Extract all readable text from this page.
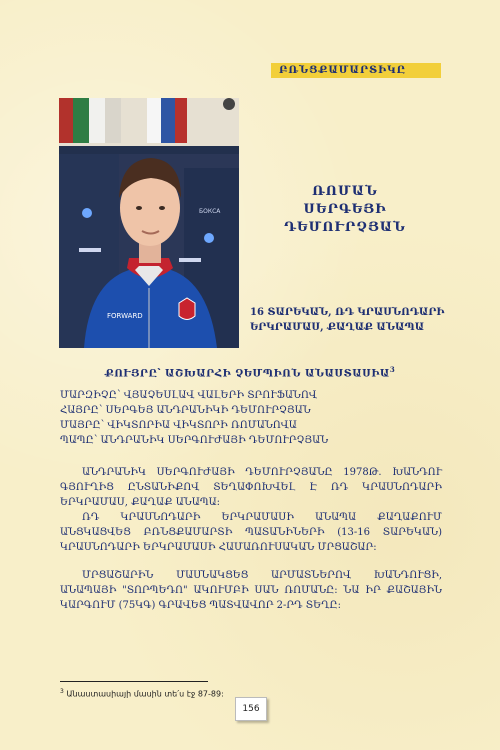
ԲՌՆՑՔԱՄԱՐՏԻԿԸ
БОКСА
FORWARD
ՌՈՄԱՆ ՍԵՐԳԵՅԻ
ԴԵՄՈՒՐՉՅԱՆ
16 ՏԱՐԵԿԱՆ, ՌԴ ԿՐԱՍՆՈԴԱՐԻ
ԵՐԿՐԱՄԱՍ, ՔԱՂԱՔ ԱՆԱՊԱ
ՔՈՒՅՐԸ՝ ԱՇԽԱՐՀԻ ՉԵՄՊԻՈՆ ԱՆԱՍՏԱՍԻԱ$^3$
ՄԱՐԶԻՉԸ՝ ՎՅԱՉԵՍԼԱՎ ՎԱԼԵՐԻ ՏՐՈՒՖԱՆՈՎ
ՀԱՅՐԸ՝ ՍԵՐԳԵՅ ԱՆԴՐԱՆԻԿԻ ԴԵՄՈՒՐՉՅԱՆ
ՄԱՅՐԸ՝ ՎԻԿՏՈՐԻԱ ՎԻԿՏՈՐԻ ՌՈՄԱՆՈՎԱ
ՊԱՊԸ՝ ԱՆԴՐԱՆԻԿ ՍԵՐԳՈՒԺԱՅԻ ԴԵՄՈՒՐՉՅԱՆ

ԱՆԴՐԱՆԻԿ ՍԵՐԳՈՒԺԱՅԻ ԴԵՄՈՒՐՉՅԱՆԸ 1978Թ. ԽԱՆԴՈՒ ԳՅՈՒՂԻՑ ԸՆՏԱՆԻՔՈՎ ՏԵՂԱՓՈԽՎԵԼ Է ՌԴ ԿՐԱՍՆՈԴԱՐԻ ԵՐԿՐԱՄԱՍ, ՔԱՂԱՔ ԱՆԱՊԱ:

ՌԴ ԿՐԱՍՆՈԴԱՐԻ ԵՐԿՐԱՄԱՍԻ ԱՆԱՊԱ ՔԱՂԱՔՈՒՄ ԱՆՑԿԱՑՎԵՑ ԲՌՆՑՔԱՄԱՐՏԻ ՊԱՏԱՆԻՆԵՐԻ (13-16 ՏԱՐԵԿԱՆ) ԿՐԱՍՆՈԴԱՐԻ ԵՐԿՐԱՄԱՍԻ ՀԱՄԱՌՈՒՍԱԿԱՆ ՄՐՑԱՇԱՐ:

ՄՐՑԱՇԱՐԻՆ ՄԱՍՆԱԿՑԵՑ ԱՐՄԱՏՆԵՐՈՎ ԽԱՆԴՈՒՑԻ, ԱՆԱՊԱՅԻ "ՏՈՐՊԵԴՈ" ԱԿՈՒՄԲԻ ՍԱՆ ՌՈՄԱՆԸ: ՆԱ ԻՐ ՔԱՇԱՅԻՆ ԿԱՐԳՈՒՄ (75ԿԳ) ԳՐԱՎԵՑ ՊԱՏՎԱՎՈՐ 2-ՐԴ ՏԵՂԸ:

$^3$ Անաստասիայի մասին տե՛ս էջ 87-89:
156
